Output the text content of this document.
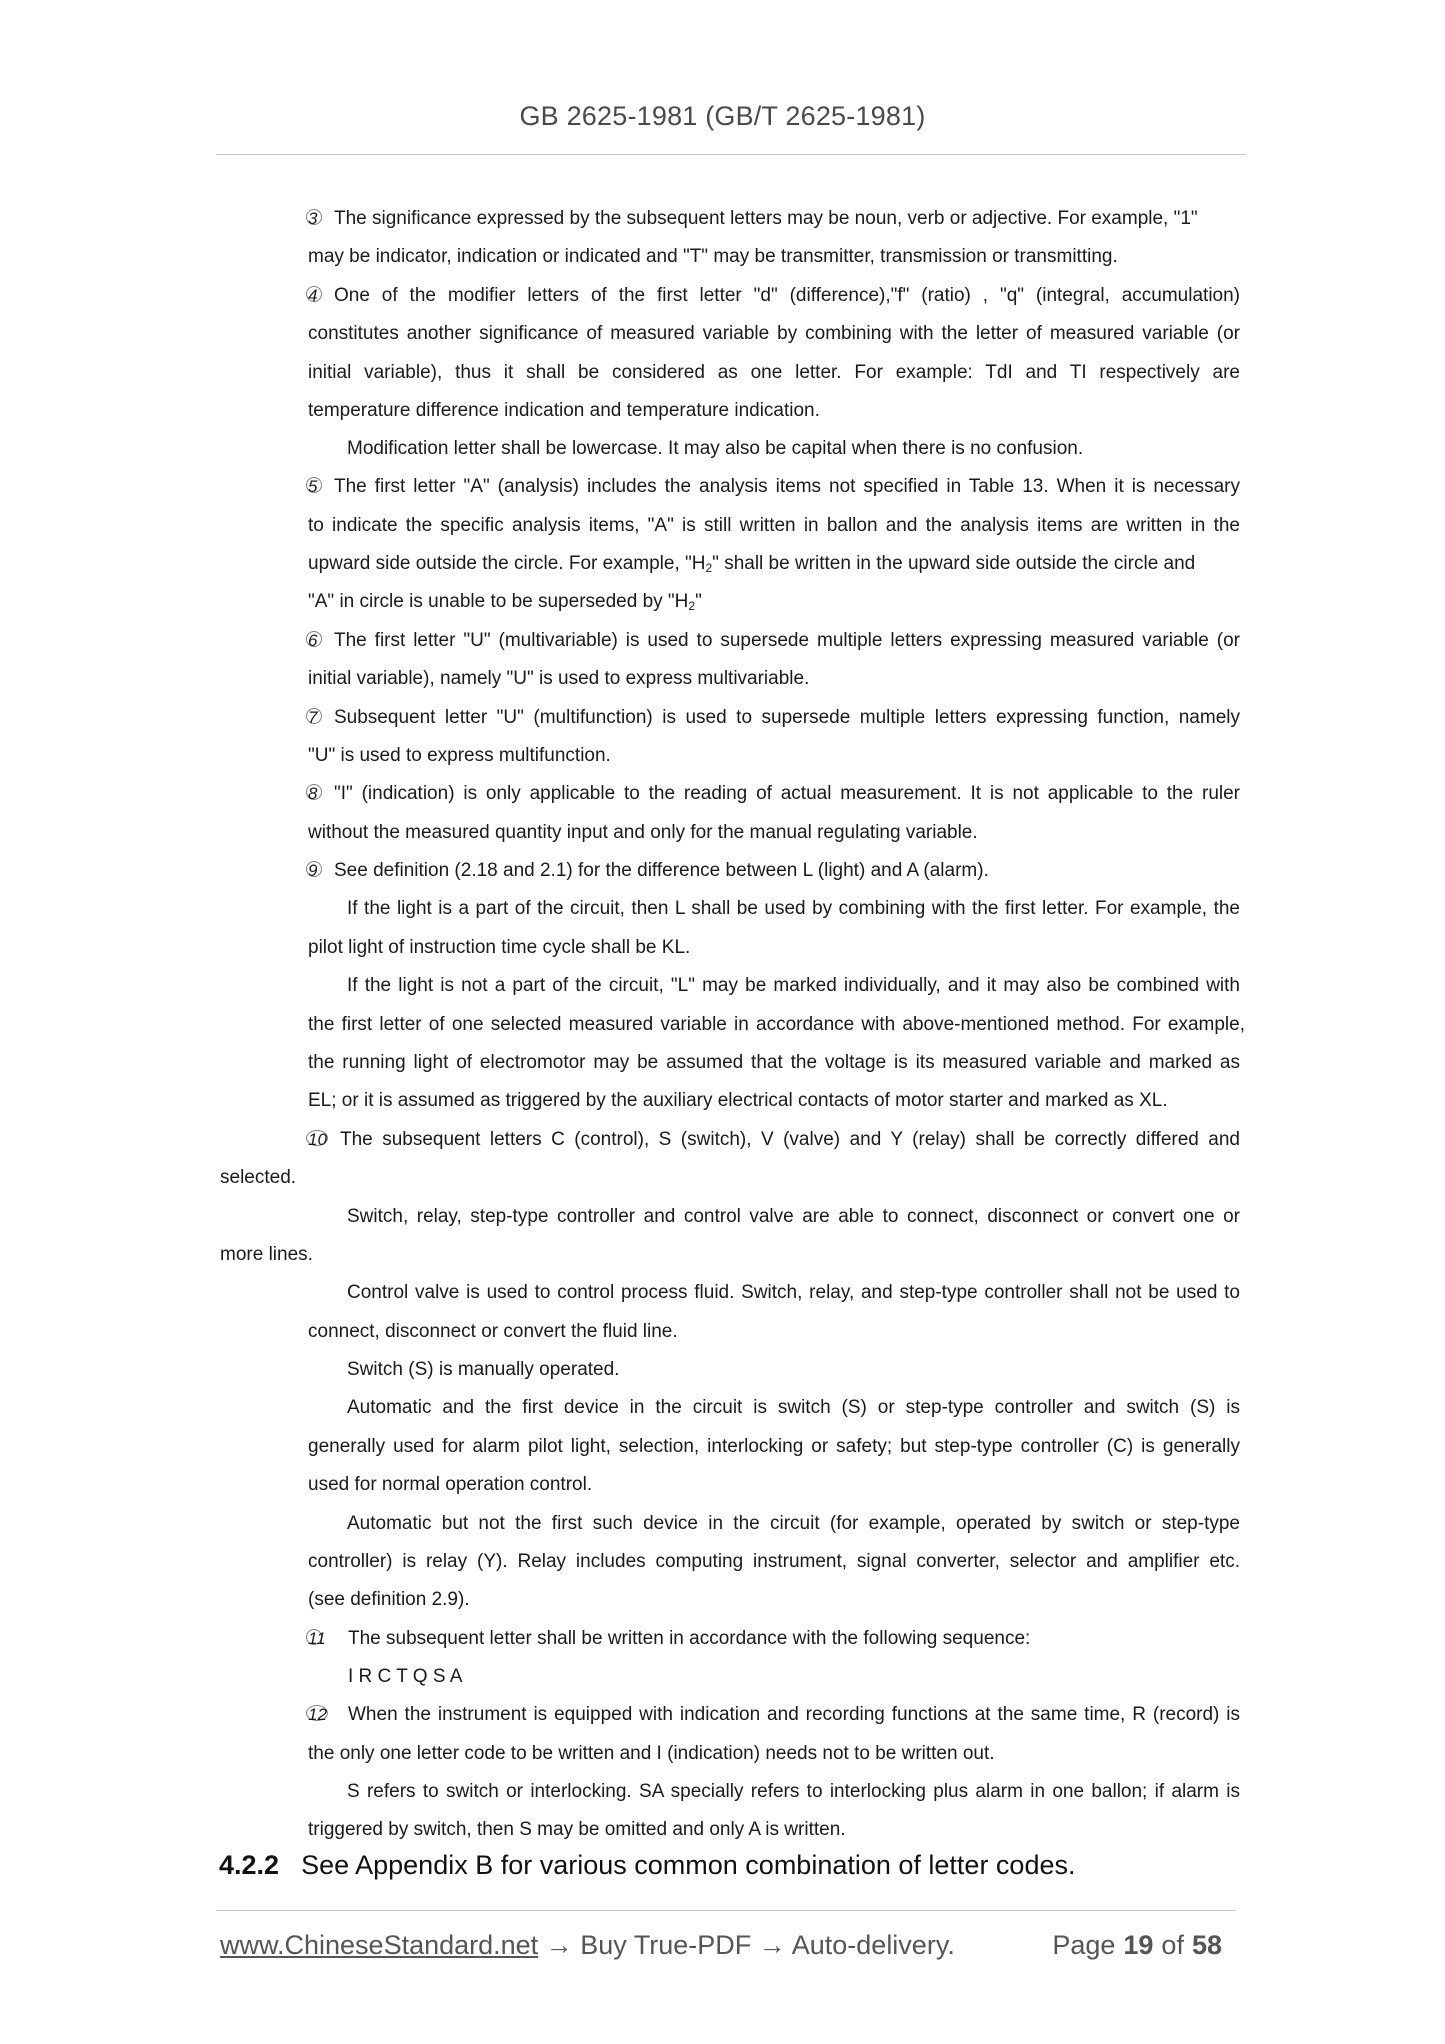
GB 2625-1981 (GB/T 2625-1981)
3 The significance expressed by the subsequent letters may be noun, verb or adjective. For example, "1"
may be indicator, indication or indicated and "T" may be transmitter, transmission or transmitting.
4 One of the modifier letters of the first letter "d" (difference),"f" (ratio) , "q" (integral, accumulation)
constitutes another significance of measured variable by combining with the letter of measured variable (or
initial variable), thus it shall be considered as one letter. For example: TdI and TI respectively are
temperature difference indication and temperature indication.
Modification letter shall be lowercase. It may also be capital when there is no confusion.
5 The first letter "A" (analysis) includes the analysis items not specified in Table 13. When it is necessary
to indicate the specific analysis items, "A" is still written in ballon and the analysis items are written in the
upward side outside the circle. For example, "$H_2$" shall be written in the upward side outside the circle and
"A" in circle is unable to be superseded by "$H_2$"
6 The first letter "U" (multivariable) is used to supersede multiple letters expressing measured variable (or
initial variable), namely "U" is used to express multivariable.
7 Subsequent letter "U" (multifunction) is used to supersede multiple letters expressing function, namely
"U" is used to express multifunction.
8 "I" (indication) is only applicable to the reading of actual measurement. It is not applicable to the ruler
without the measured quantity input and only for the manual regulating variable.
9 See definition (2.18 and 2.1) for the difference between L (light) and A (alarm).
If the light is a part of the circuit, then L shall be used by combining with the first letter. For example, the
pilot light of instruction time cycle shall be KL.
If the light is not a part of the circuit, "L" may be marked individually, and it may also be combined with
the first letter of one selected measured variable in accordance with above-mentioned method. For example,
the running light of electromotor may be assumed that the voltage is its measured variable and marked as
EL; or it is assumed as triggered by the auxiliary electrical contacts of motor starter and marked as XL.
10 The subsequent letters C (control), S (switch), V (valve) and Y (relay) shall be correctly differed and
selected.
Switch, relay, step-type controller and control valve are able to connect, disconnect or convert one or
more lines.
Control valve is used to control process fluid. Switch, relay, and step-type controller shall not be used to
connect, disconnect or convert the fluid line.
Switch (S) is manually operated.
Automatic and the first device in the circuit is switch (S) or step-type controller and switch (S) is
generally used for alarm pilot light, selection, interlocking or safety; but step-type controller (C) is generally
used for normal operation control.
Automatic but not the first such device in the circuit (for example, operated by switch or step-type
controller) is relay (Y). Relay includes computing instrument, signal converter, selector and amplifier etc.
(see definition 2.9).
11 The subsequent letter shall be written in accordance with the following sequence:
I R C T Q S A
12 When the instrument is equipped with indication and recording functions at the same time, R (record) is
the only one letter code to be written and I (indication) needs not to be written out.
S refers to switch or interlocking. SA specially refers to interlocking plus alarm in one ballon; if alarm is
triggered by switch, then S may be omitted and only A is written.
4.2.2 See Appendix B for various common combination of letter codes.
www.ChineseStandard.net → Buy True-PDF → Auto-delivery.	Page 19 of 58
